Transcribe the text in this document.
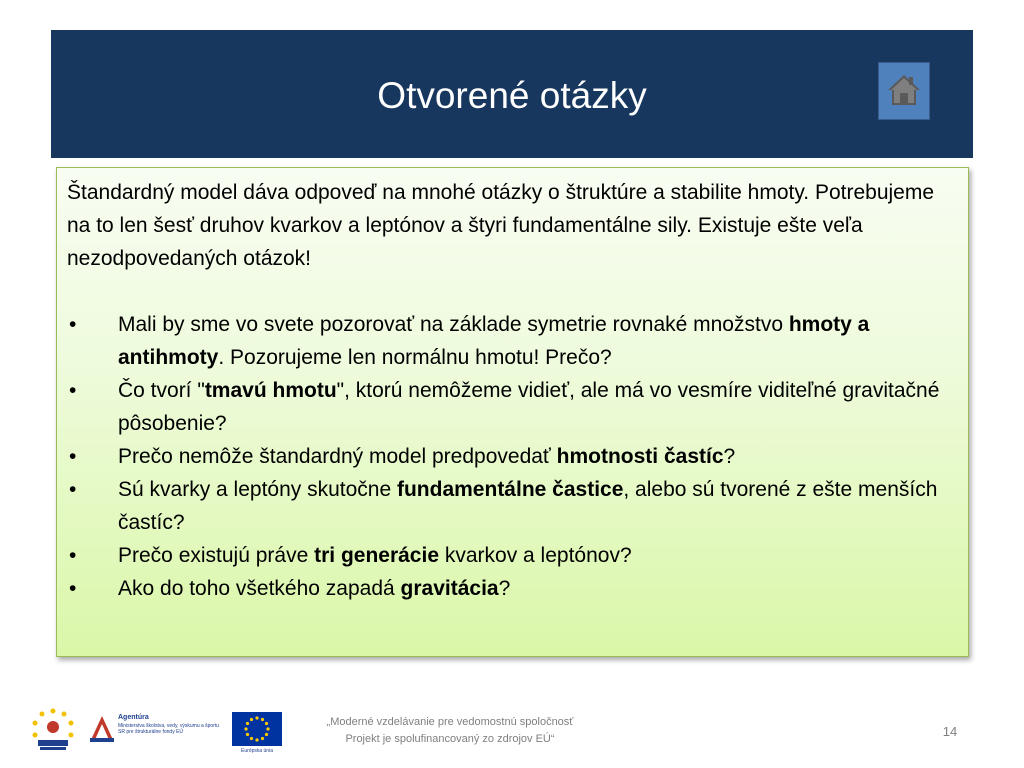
Otvorené otázky

Štandardný model dáva odpoveď na mnohé otázky o štruktúre a stabilite hmoty. Potrebujeme na to len šesť druhov kvarkov a leptónov a štyri fundamentálne sily. Existuje ešte veľa nezodpovedaných otázok!

• Mali by sme vo svete pozorovať na základe symetrie rovnaké množstvo hmoty a antihmoty. Pozorujeme len normálnu hmotu! Prečo?
• Čo tvorí "tmavú hmotu", ktorú nemôžeme vidieť, ale má vo vesmíre viditeľné gravitačné pôsobenie?
• Prečo nemôže štandardný model predpovedať hmotnosti častíc?
• Sú kvarky a leptóny skutočne fundamentálne častice, alebo sú tvorené z ešte menších častíc?
• Prečo existujú práve tri generácie kvarkov a leptónov?
• Ako do toho všetkého zapadá gravitácia?
Agentúra
Ministerstva školstva, vedy, výskumu a športu SR pre štrukturálne fondy EÚ
Európska únia
„Moderné vzdelávanie pre vedomostnú spoločnosť
Projekt je spolufinancovaný zo zdrojov EÚ“	14
